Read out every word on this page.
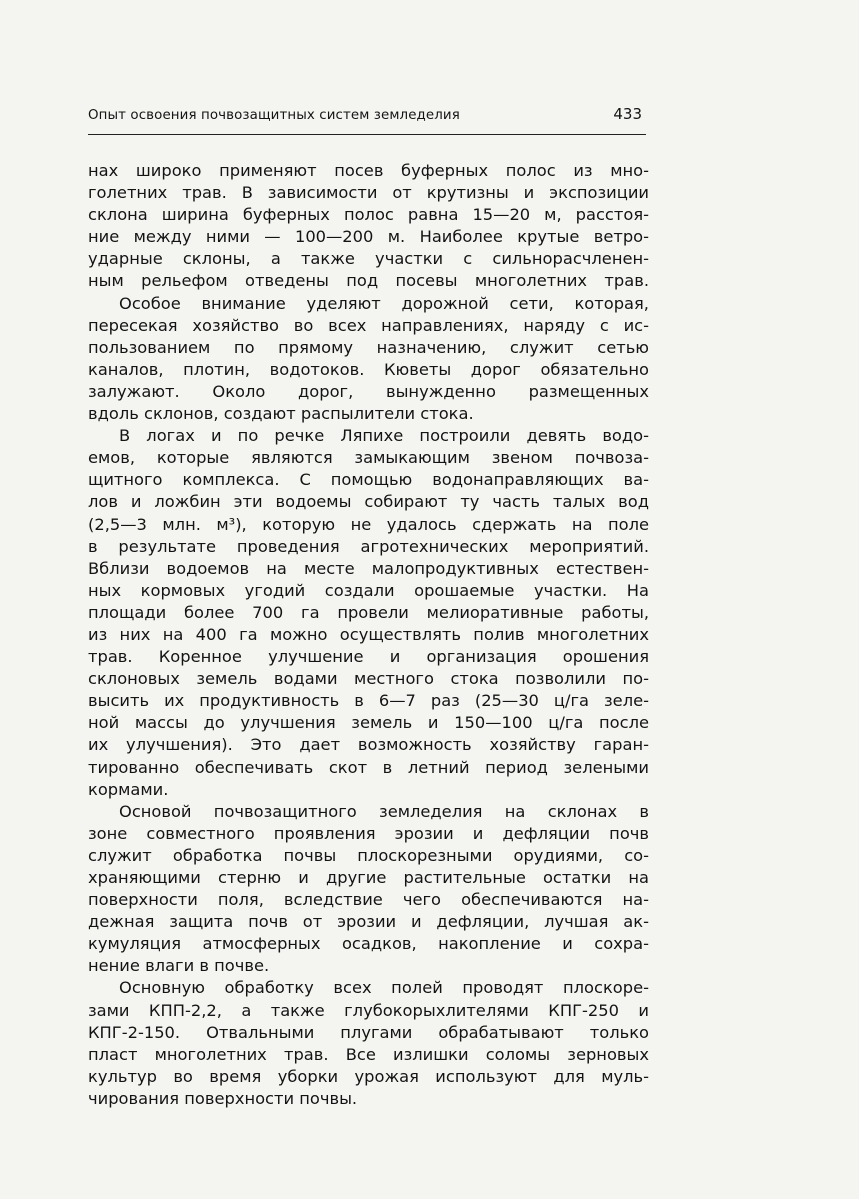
Опыт освоения почвозащитных систем земледелия	433
нах широко применяют посев буферных полос из мно-
голетних трав. В зависимости от крутизны и экспозиции
склона ширина буферных полос равна 15—20 м, расстоя-
ние между ними — 100—200 м. Наиболее крутые ветро-
ударные склоны, а также участки с сильнорасчленен-
ным рельефом отведены под посевы многолетних трав.
Особое внимание уделяют дорожной сети, которая,
пересекая хозяйство во всех направлениях, наряду с ис-
пользованием по прямому назначению, служит сетью
каналов, плотин, водотоков. Кюветы дорог обязательно
залужают. Около дорог, вынужденно размещенных
вдоль склонов, создают распылители стока.
В логах и по речке Ляпихе построили девять водо-
емов, которые являются замыкающим звеном почвоза-
щитного комплекса. С помощью водонаправляющих ва-
лов и ложбин эти водоемы собирают ту часть талых вод
(2,5—3 млн. м³), которую не удалось сдержать на поле
в результате проведения агротехнических мероприятий.
Вблизи водоемов на месте малопродуктивных естествен-
ных кормовых угодий создали орошаемые участки. На
площади более 700 га провели мелиоративные работы,
из них на 400 га можно осуществлять полив многолетних
трав. Коренное улучшение и организация орошения
склоновых земель водами местного стока позволили по-
высить их продуктивность в 6—7 раз (25—30 ц/га зеле-
ной массы до улучшения земель и 150—100 ц/га после
их улучшения). Это дает возможность хозяйству гаран-
тированно обеспечивать скот в летний период зелеными
кормами.
Основой почвозащитного земледелия на склонах в
зоне совместного проявления эрозии и дефляции почв
служит обработка почвы плоскорезными орудиями, со-
храняющими стерню и другие растительные остатки на
поверхности поля, вследствие чего обеспечиваются на-
дежная защита почв от эрозии и дефляции, лучшая ак-
кумуляция атмосферных осадков, накопление и сохра-
нение влаги в почве.
Основную обработку всех полей проводят плоскоре-
зами КПП-2,2, а также глубокорыхлителями КПГ-250 и
КПГ-2-150. Отвальными плугами обрабатывают только
пласт многолетних трав. Все излишки соломы зерновых
культур во время уборки урожая используют для муль-
чирования поверхности почвы.
